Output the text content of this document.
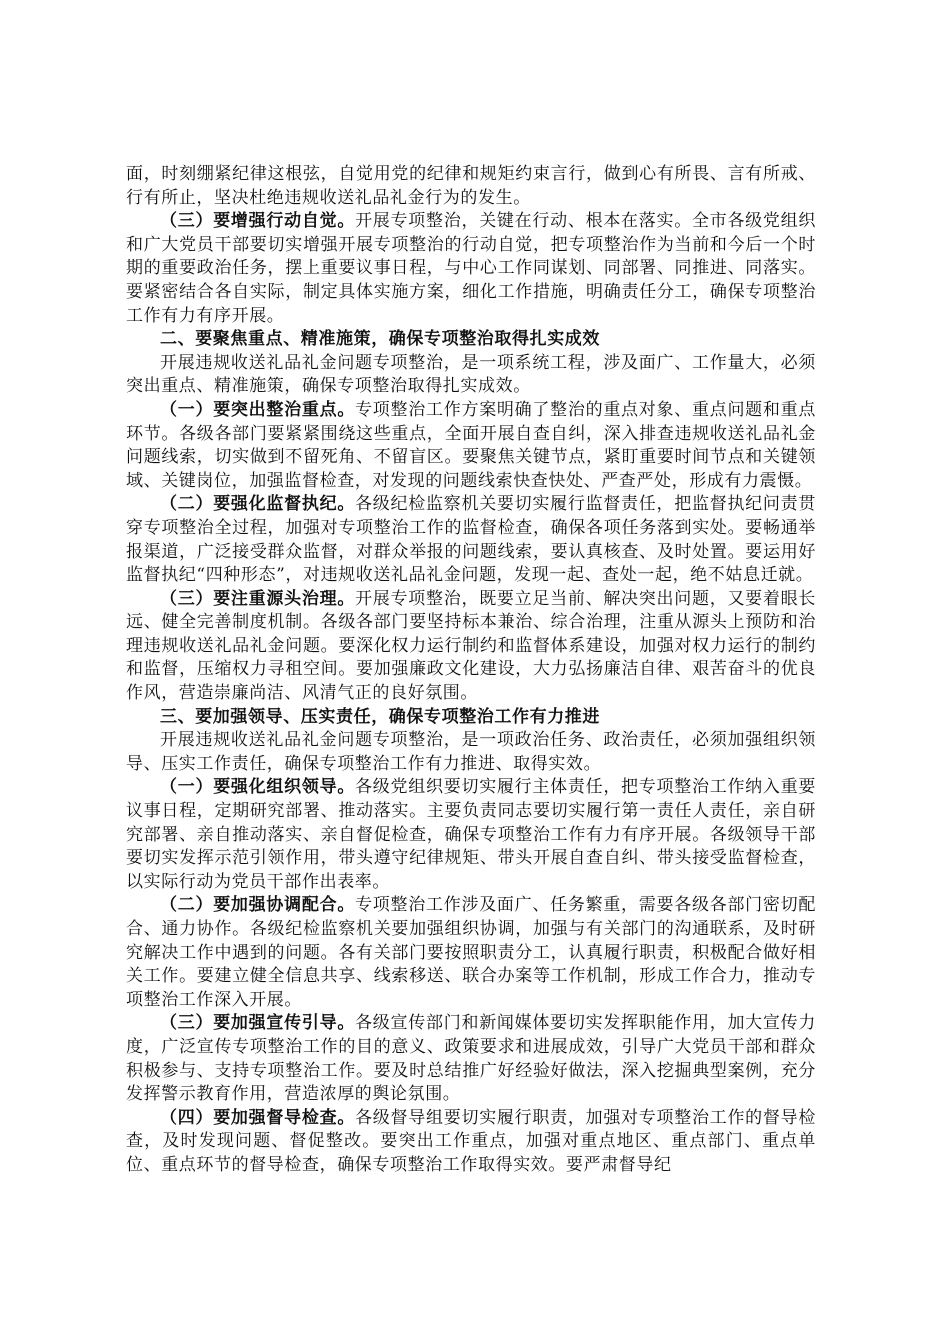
面，时刻绷紧纪律这根弦，自觉用党的纪律和规矩约束言行，做到心有所畏、言有所戒、行有所止，坚决杜绝违规收送礼品礼金行为的发生。

（三）要增强行动自觉。开展专项整治，关键在行动、根本在落实。全市各级党组织和广大党员干部要切实增强开展专项整治的行动自觉，把专项整治作为当前和今后一个时期的重要政治任务，摆上重要议事日程，与中心工作同谋划、同部署、同推进、同落实。要紧密结合各自实际，制定具体实施方案，细化工作措施，明确责任分工，确保专项整治工作有力有序开展。

二、要聚焦重点、精准施策，确保专项整治取得扎实成效

开展违规收送礼品礼金问题专项整治，是一项系统工程，涉及面广、工作量大，必须突出重点、精准施策，确保专项整治取得扎实成效。

（一）要突出整治重点。专项整治工作方案明确了整治的重点对象、重点问题和重点环节。各级各部门要紧紧围绕这些重点，全面开展自查自纠，深入排查违规收送礼品礼金问题线索，切实做到不留死角、不留盲区。要聚焦关键节点，紧盯重要时间节点和关键领域、关键岗位，加强监督检查，对发现的问题线索快查快处、严查严处，形成有力震慑。

（二）要强化监督执纪。各级纪检监察机关要切实履行监督责任，把监督执纪问责贯穿专项整治全过程，加强对专项整治工作的监督检查，确保各项任务落到实处。要畅通举报渠道，广泛接受群众监督，对群众举报的问题线索，要认真核查、及时处置。要运用好监督执纪“四种形态”，对违规收送礼品礼金问题，发现一起、查处一起，绝不姑息迁就。

（三）要注重源头治理。开展专项整治，既要立足当前、解决突出问题，又要着眼长远、健全完善制度机制。各级各部门要坚持标本兼治、综合治理，注重从源头上预防和治理违规收送礼品礼金问题。要深化权力运行制约和监督体系建设，加强对权力运行的制约和监督，压缩权力寻租空间。要加强廉政文化建设，大力弘扬廉洁自律、艰苦奋斗的优良作风，营造崇廉尚洁、风清气正的良好氛围。

三、要加强领导、压实责任，确保专项整治工作有力推进

开展违规收送礼品礼金问题专项整治，是一项政治任务、政治责任，必须加强组织领导、压实工作责任，确保专项整治工作有力推进、取得实效。

（一）要强化组织领导。各级党组织要切实履行主体责任，把专项整治工作纳入重要议事日程，定期研究部署、推动落实。主要负责同志要切实履行第一责任人责任，亲自研究部署、亲自推动落实、亲自督促检查，确保专项整治工作有力有序开展。各级领导干部要切实发挥示范引领作用，带头遵守纪律规矩、带头开展自查自纠、带头接受监督检查，以实际行动为党员干部作出表率。

（二）要加强协调配合。专项整治工作涉及面广、任务繁重，需要各级各部门密切配合、通力协作。各级纪检监察机关要加强组织协调，加强与有关部门的沟通联系，及时研究解决工作中遇到的问题。各有关部门要按照职责分工，认真履行职责，积极配合做好相关工作。要建立健全信息共享、线索移送、联合办案等工作机制，形成工作合力，推动专项整治工作深入开展。

（三）要加强宣传引导。各级宣传部门和新闻媒体要切实发挥职能作用，加大宣传力度，广泛宣传专项整治工作的目的意义、政策要求和进展成效，引导广大党员干部和群众积极参与、支持专项整治工作。要及时总结推广好经验好做法，深入挖掘典型案例，充分发挥警示教育作用，营造浓厚的舆论氛围。

（四）要加强督导检查。各级督导组要切实履行职责，加强对专项整治工作的督导检查，及时发现问题、督促整改。要突出工作重点，加强对重点地区、重点部门、重点单位、重点环节的督导检查，确保专项整治工作取得实效。要严肃督导纪
